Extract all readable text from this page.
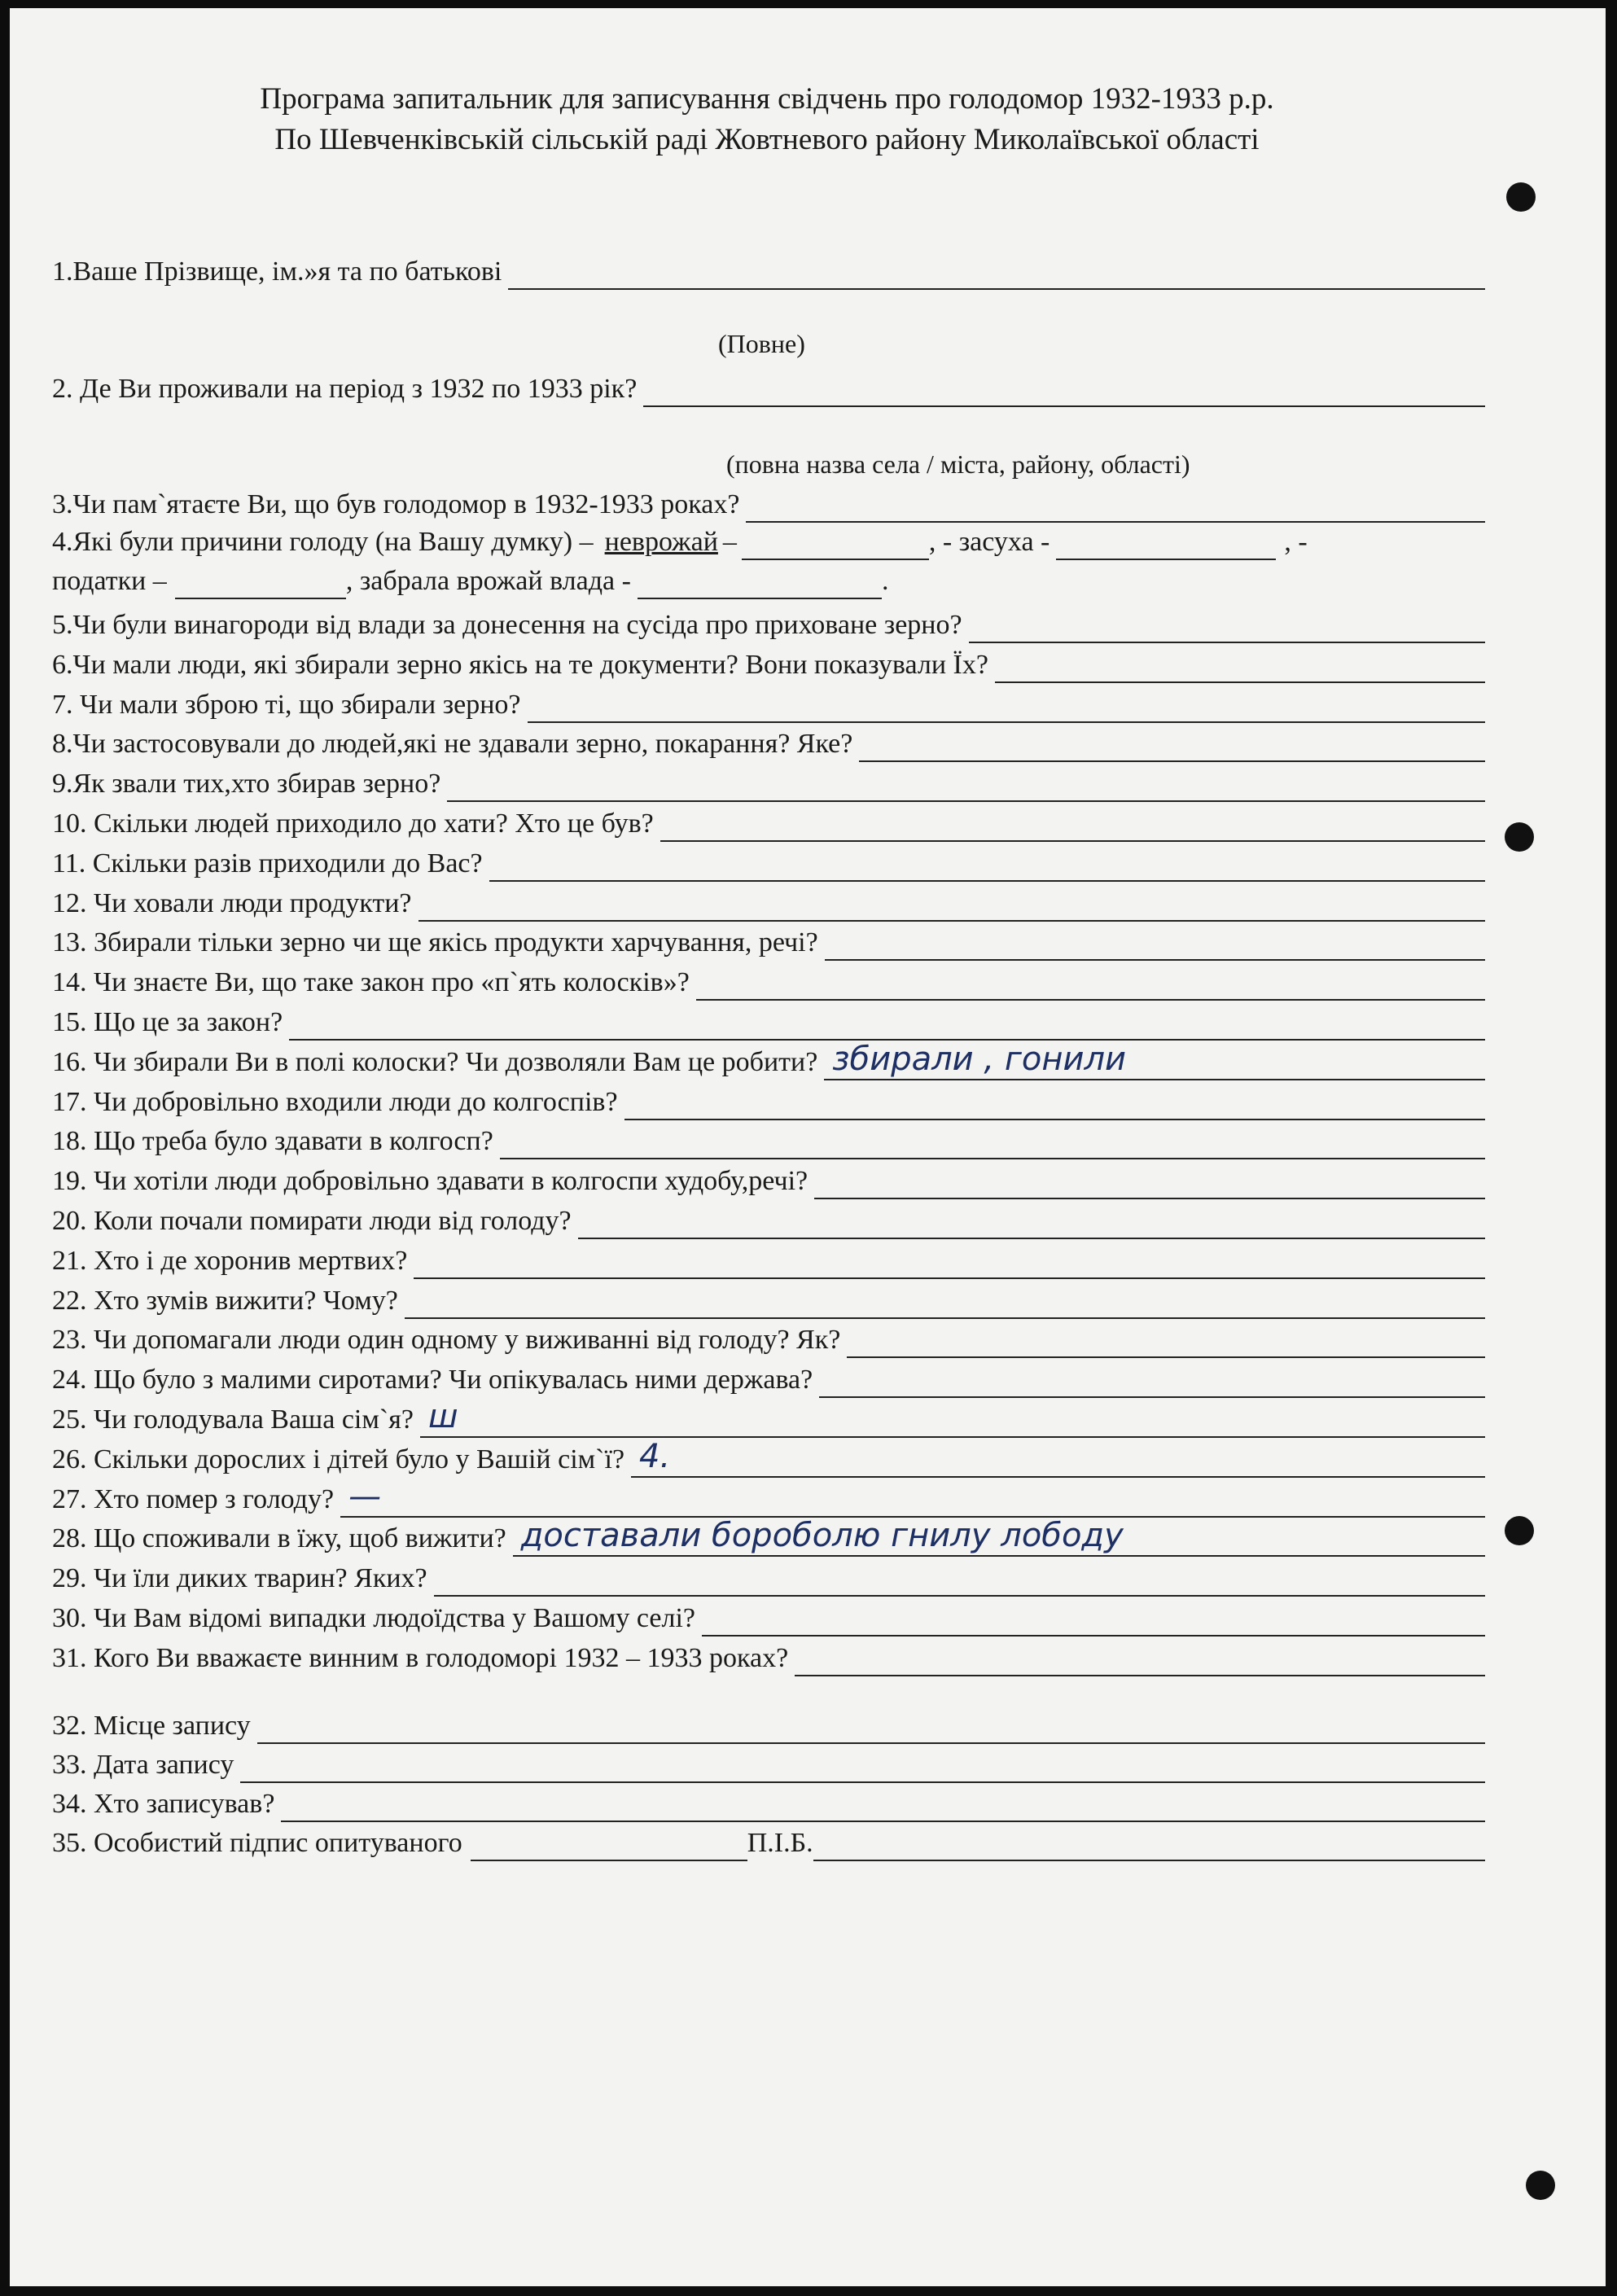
Програма запитальник для записування свідчень про голодомор 1932-1933 р.р.
По Шевченківській сільській раді Жовтневого району Миколаївської області
1.Ваше Прізвище, ім.»я та по батькові
(Повне)
2. Де Ви проживали на період з 1932 по 1933 рік?
(повна назва села / міста, району, області)
3.Чи пам`ятаєте Ви, що був голодомор в 1932-1933 роках?
4.Які були причини голоду (на Вашу думку) – неврожай –	, - засуха -	, -
податки –	, забрала врожай влада -	.
5.Чи були винагороди від влади за донесення на сусіда про приховане зерно?
6.Чи мали люди, які збирали зерно якісь на те документи? Вони показували Їх?
7. Чи мали зброю ті, що збирали зерно?
8.Чи застосовували до людей,які не здавали зерно, покарання? Яке?
9.Як звали тих,хто збирав зерно?
10. Скільки людей приходило до хати? Хто це був?
11. Скільки разів приходили до Вас?
12. Чи ховали люди продукти?
13. Збирали тільки зерно чи ще якісь продукти харчування, речі?
14. Чи знаєте Ви, що таке закон про «п`ять колосків»?
15. Що це за закон?
16. Чи збирали Ви в полі колоски? Чи дозволяли Вам це робити? збирали , гонили
17. Чи добровільно входили люди до колгоспів?
18. Що треба було здавати в колгосп?
19. Чи хотіли люди добровільно здавати в колгоспи худобу,речі?
20. Коли почали помирати люди від голоду?
21. Хто і де хоронив мертвих?
22. Хто зумів вижити? Чому?
23. Чи допомагали люди один одному у виживанні від голоду? Як?
24. Що було з малими сиротами? Чи опікувалась ними держава?
25. Чи голодувала Ваша сім`я? ш
26. Скільки дорослих і дітей було у Вашій сім`ї? 4.
27. Хто помер з голоду? —
28. Що споживали в їжу, щоб вижити? доставали бороболю гнилу лободу
29. Чи їли диких тварин? Яких?
30. Чи Вам відомі випадки людоїдства у Вашому селі?
31. Кого Ви вважаєте винним в голодоморі 1932 – 1933 роках?
32. Місце запису
33. Дата запису
34. Хто записував?
35. Особистий підпис опитуваного	П.І.Б.
